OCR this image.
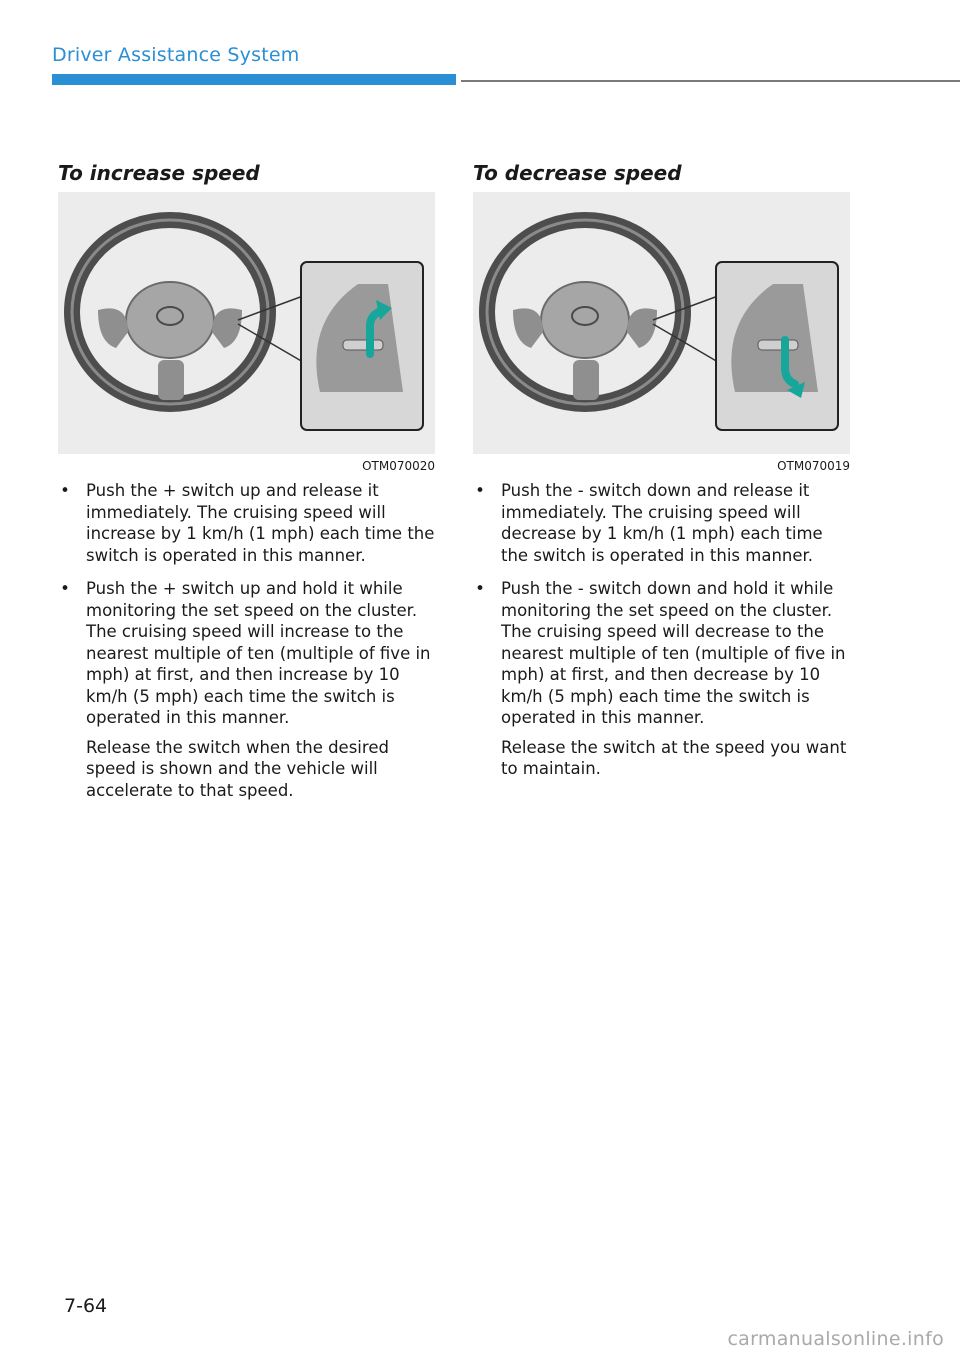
Driver Assistance System
To increase speed
OTM070020
• Push the + switch up and release it immediately. The cruising speed will increase by 1 km/h (1 mph) each time the switch is operated in this manner.

• Push the + switch up and hold it while monitoring the set speed on the cluster. The cruising speed will increase to the nearest multiple of ten (multiple of five in mph) at first, and then increase by 10 km/h (5 mph) each time the switch is operated in this manner.

Release the switch when the desired speed is shown and the vehicle will accelerate to that speed.

To decrease speed
OTM070019
• Push the - switch down and release it immediately. The cruising speed will decrease by 1 km/h (1 mph) each time the switch is operated in this manner.

• Push the - switch down and hold it while monitoring the set speed on the cluster. The cruising speed will decrease to the nearest multiple of ten (multiple of five in mph) at first, and then decrease by 10 km/h (5 mph) each time the switch is operated in this manner.

Release the switch at the speed you want to maintain.

7-64
carmanualsonline.info
